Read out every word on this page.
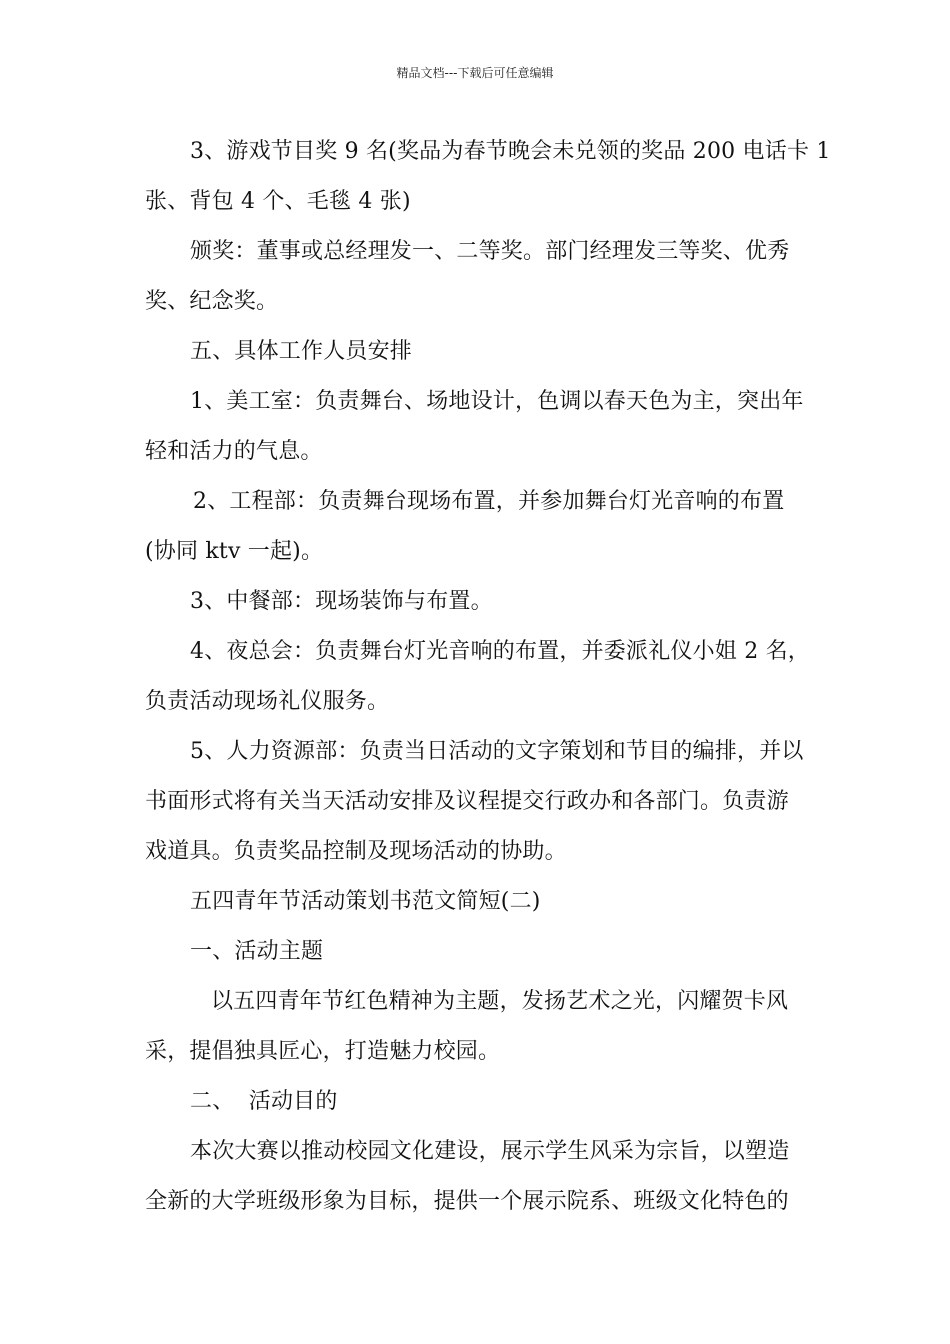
精品文档---下载后可任意编辑
3、游戏节目奖 9 名(奖品为春节晚会未兑领的奖品 200 电话卡 1
张、背包 4 个、毛毯 4 张)
颁奖：董事或总经理发一、二等奖。部门经理发三等奖、优秀
奖、纪念奖。
五、具体工作人员安排
1、美工室：负责舞台、场地设计，色调以春天色为主，突出年
轻和活力的气息。
2、工程部：负责舞台现场布置，并参加舞台灯光音响的布置
(协同 ktv 一起)。
3、中餐部：现场装饰与布置。
4、夜总会：负责舞台灯光音响的布置，并委派礼仪小姐 2 名，
负责活动现场礼仪服务。
5、人力资源部：负责当日活动的文字策划和节目的编排，并以
书面形式将有关当天活动安排及议程提交行政办和各部门。负责游
戏道具。负责奖品控制及现场活动的协助。
五四青年节活动策划书范文简短(二)
一、活动主题
以五四青年节红色精神为主题，发扬艺术之光，闪耀贺卡风
采，提倡独具匠心，打造魅力校园。
二、  活动目的
本次大赛以推动校园文化建设，展示学生风采为宗旨，以塑造
全新的大学班级形象为目标，提供一个展示院系、班级文化特色的
